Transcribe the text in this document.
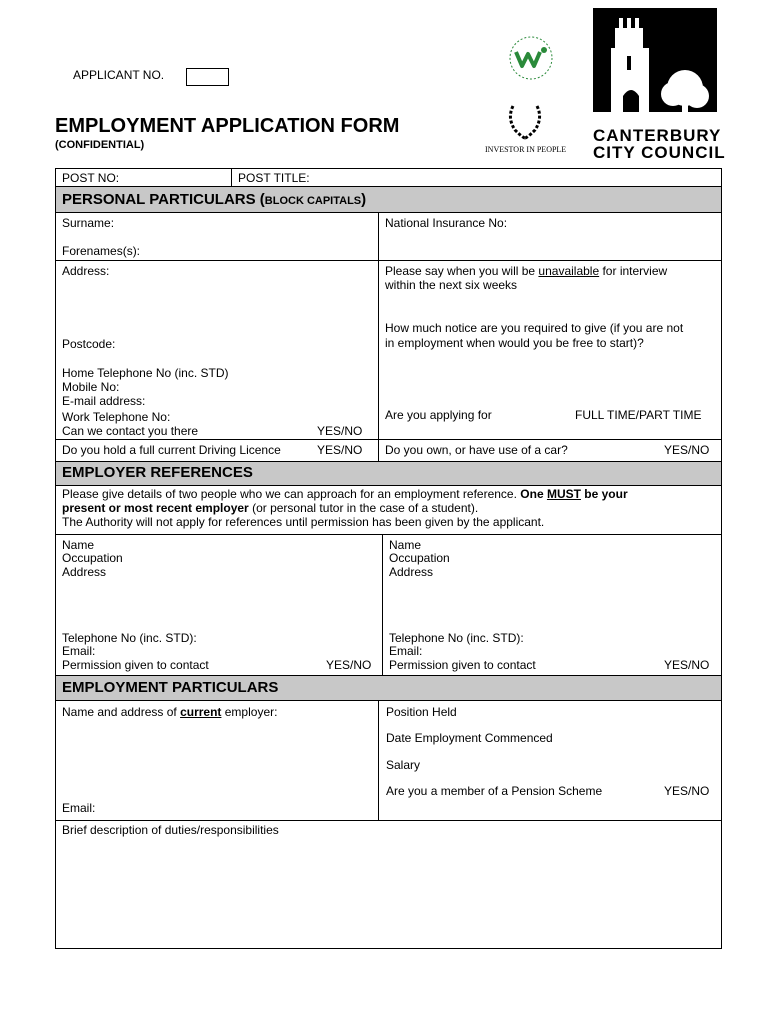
APPLICANT NO.
EMPLOYMENT APPLICATION FORM
(CONFIDENTIAL)	INVESTOR IN PEOPLE
CANTERBURY
CITY COUNCIL
POST NO:	POST TITLE:
PERSONAL PARTICULARS (BLOCK CAPITALS)
Surname:
Forenames(s):
National Insurance No:
Address:
Postcode:
Home Telephone No (inc. STD)
Mobile No:
E-mail address:
Work Telephone No:
Can we contact you there	YES/NO
Please say when you will be unavailable for interview
within the next six weeks
How much notice are you required to give (if you are not
in employment when would you be free to start)?
Are you applying for	FULL TIME/PART TIME
Do you hold a full current Driving Licence	YES/NO Do you own, or have use of a car?	YES/NO
EMPLOYER REFERENCES
Please give details of two people who we can approach for an employment reference. One MUST be your
present or most recent employer (or personal tutor in the case of a student).
The Authority will not apply for references until permission has been given by the applicant.
Name
Occupation
Address
Telephone No (inc. STD):
Email:
Permission given to contact	YES/NO
Name
Occupation
Address
Telephone No (inc. STD):
Email:
Permission given to contact	YES/NO
EMPLOYMENT PARTICULARS
Name and address of current employer:
Email:
Position Held
Date Employment Commenced
Salary
Are you a member of a Pension Scheme	YES/NO
Brief description of duties/responsibilities
